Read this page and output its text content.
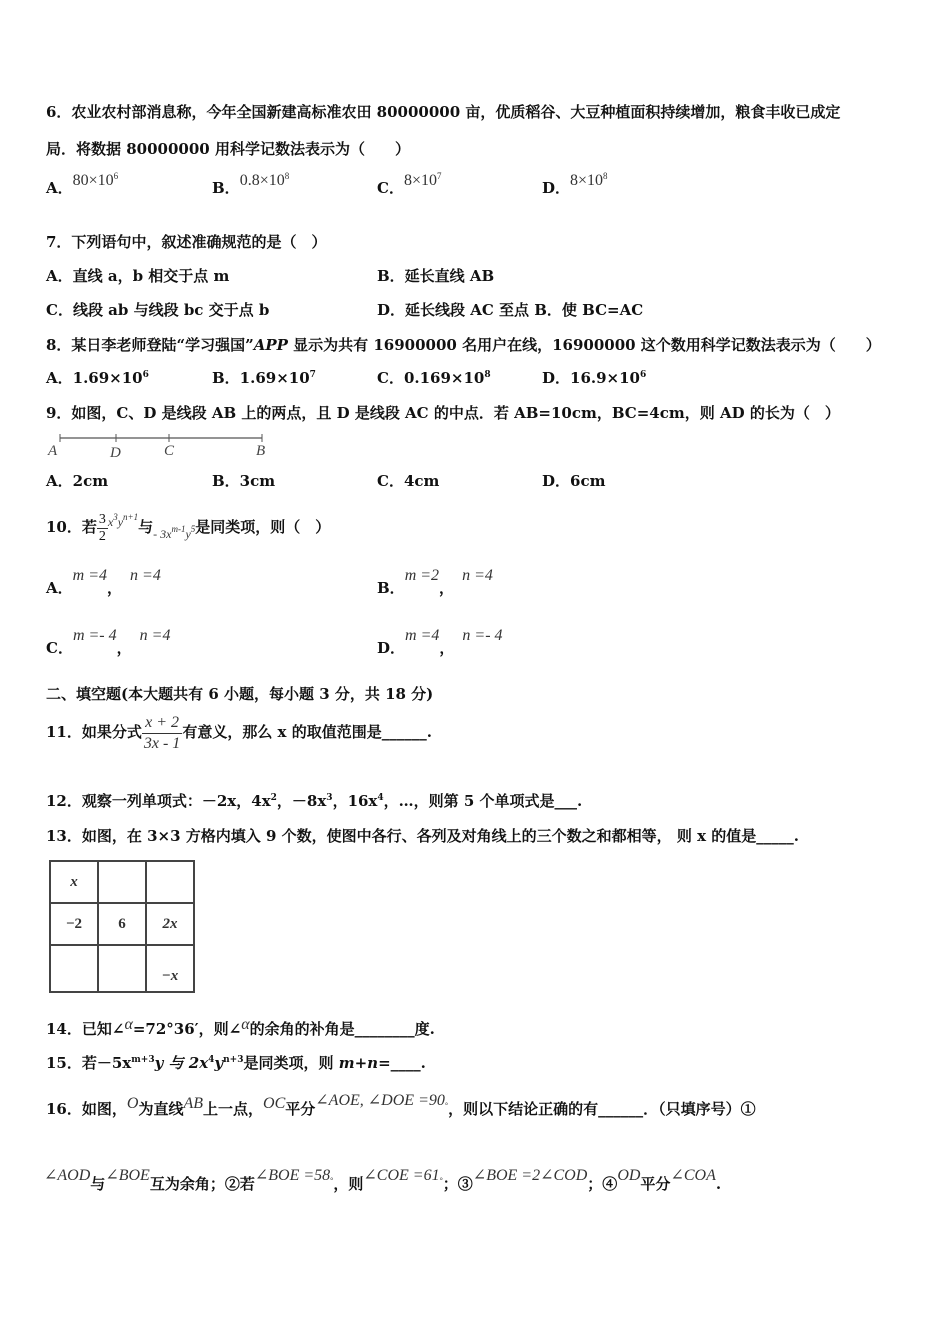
6．农业农村部消息称，今年全国新建高标准农田 80000000 亩，优质稻谷、大豆种植面积持续增加，粮食丰收已成定
局．将数据 80000000 用科学记数法表示为（　　）
A．$80\times 10^6$
B．$0.8\times 10^8$
C．$8\times 10^7$
D．$8\times 10^8$
7．下列语句中，叙述准确规范的是（　）
A．直线 a，b 相交于点 m	B．延长直线 AB
C．线段 ab 与线段 bc 交于点 b	D．延长线段 AC 至点 B．使 BC=AC
8．某日李老师登陆“学习强国”APP 显示为共有 16900000 名用户在线，16900000 这个数用科学记数法表示为（　　）
A．$1.69\times 10^6$	B．$1.69\times 10^7$	C．$0.169\times 10^8$	D．$16.9\times 10^6$
9．如图，C、D 是线段 AB 上的两点，且 D 是线段 AC 的中点．若 AB=10cm，BC=4cm，则 AD 的长为（　）
A	D	C	B
A．2cm	B．3cm	C．4cm	D．6cm
10．若 $\frac{3}{2} ^{x^3y^{n+1}}$与$_{- 3x^{m-1}y^5}$是同类项，则（　）
A．m =4，n =4
B．m =2，n =4
C．m =- 4，n =4
D．m =4，n =- 4
二、填空题(本大题共有 6 小题，每小题 3 分，共 18 分)
11．如果分式 $\frac{x + 2}{3x - 1}$ 有意义，那么 x 的取值范围是______.
12．观察一列单项式：－2x，$4x^2$，$-8x^3$，$16x^4$，…，则第 5 个单项式是___.
13．如图，在 3×3 方格内填入 9 个数，使图中各行、各列及对角线上的三个数之和都相等， 则 x 的值是_____.
x		
−2	6	2x
		−x
14．已知∠α=72°36′，则∠α的余角的补角是________度.
15．若$-5x^{m+3}y$ 与 $2x^4y^{n+3}$是同类项，则 m+n=____.
16．如图，O为直线AB上一点，OC平分∠AOE, ∠DOE =90°，则以下结论正确的有______．（只填序号）①
∠AOD与∠BOE互为余角；②若∠BOE =58°，则∠COE =61°；③∠BOE =2∠COD；④OD平分∠COA.
